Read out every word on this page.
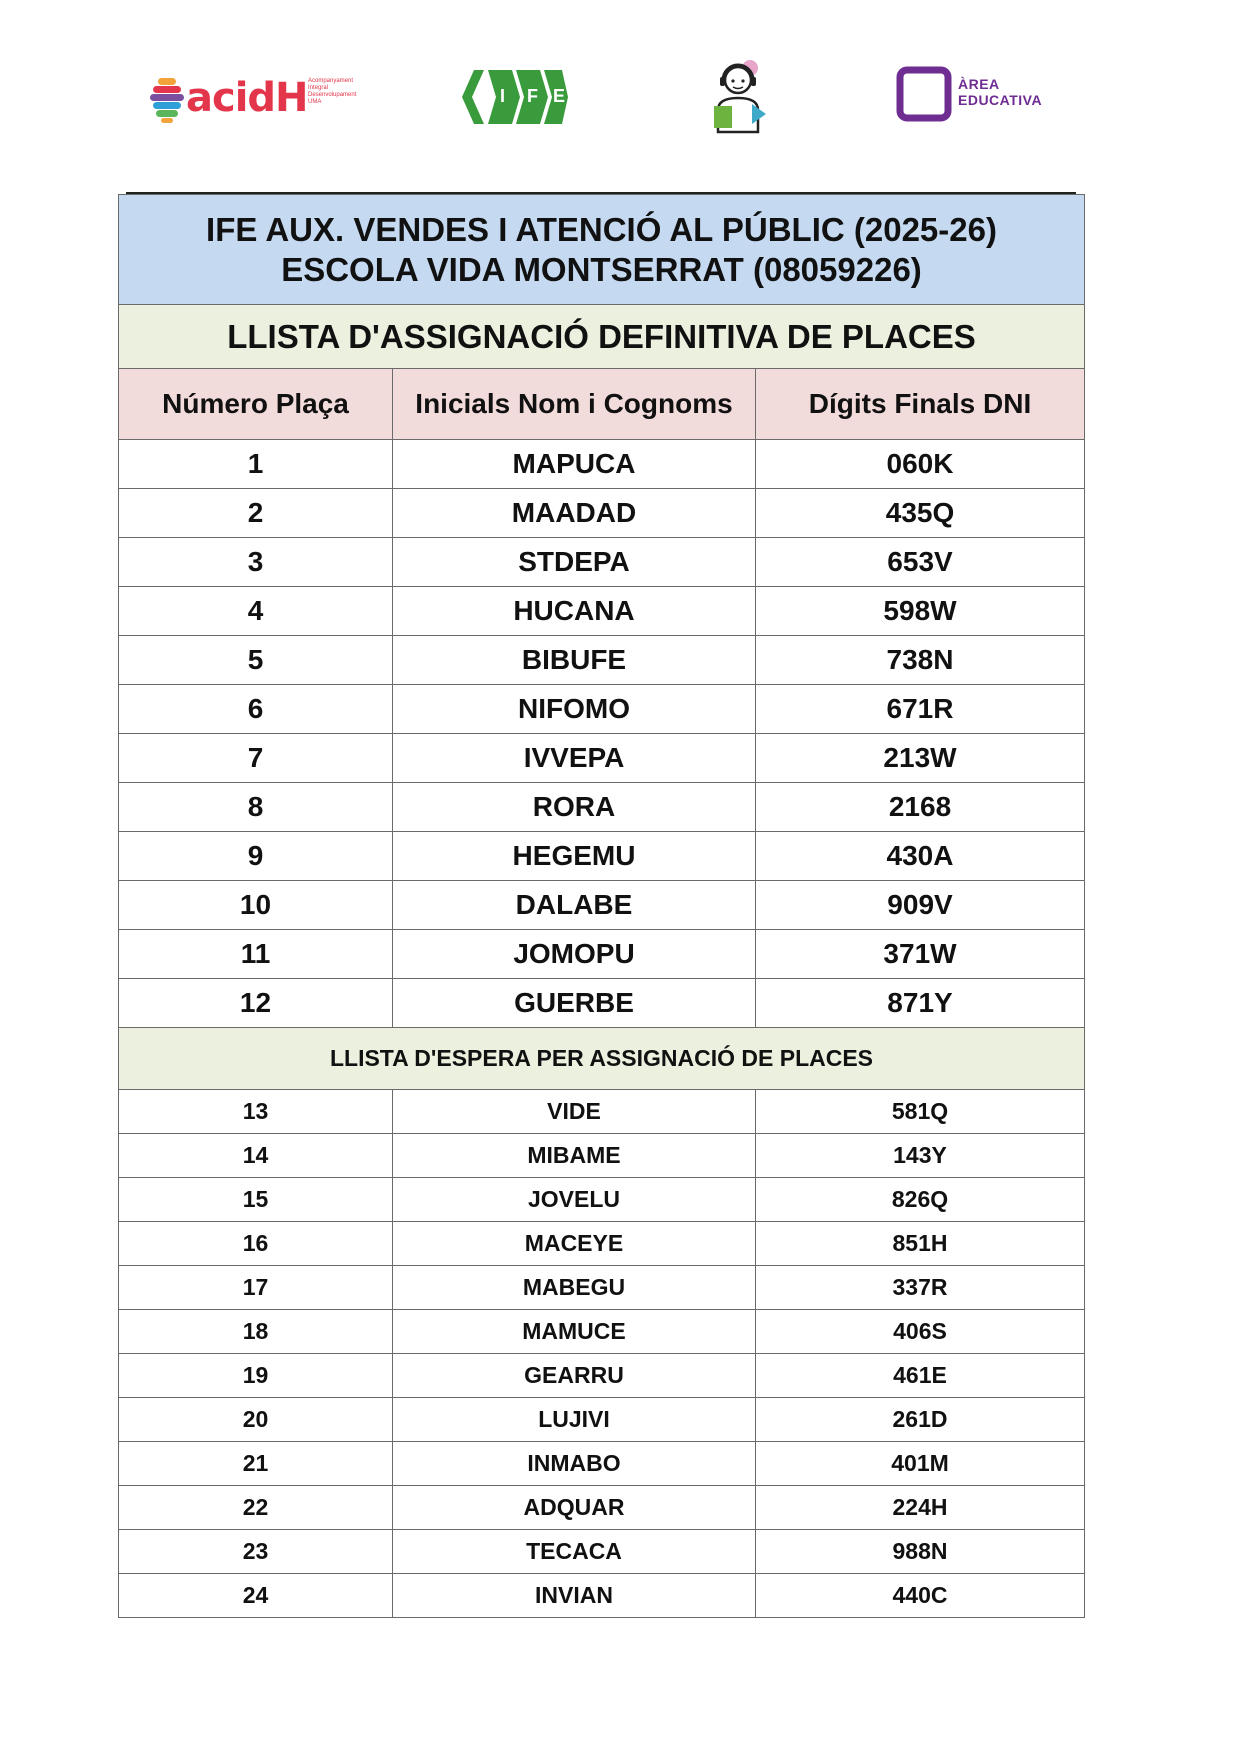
acidH Acompanyament
Integral
Desenvolupament
UMA	I F E
ÀREA
EDUCATIVA
IFE AUX. VENDES I ATENCIÓ AL PÚBLIC (2025-26)
ESCOLA VIDA MONTSERRAT (08059226)		

LLISTA D'ASSIGNACIÓ DEFINITIVA DE PLACES		
Número Plaça	Inicials Nom i Cognoms	Dígits Finals DNI
1	MAPUCA	060K
2	MAADAD	435Q
3	STDEPA	653V
4	HUCANA	598W
5	BIBUFE	738N
6	NIFOMO	671R
7	IVVEPA	213W
8	RORA	2168
9	HEGEMU	430A
10	DALABE	909V
11	JOMOPU	371W
12	GUERBE	871Y
LLISTA D'ESPERA PER ASSIGNACIÓ DE PLACES		
13	VIDE	581Q
14	MIBAME	143Y
15	JOVELU	826Q
16	MACEYE	851H
17	MABEGU	337R
18	MAMUCE	406S
19	GEARRU	461E
20	LUJIVI	261D
21	INMABO	401M
22	ADQUAR	224H
23	TECACA	988N
24	INVIAN	440C
